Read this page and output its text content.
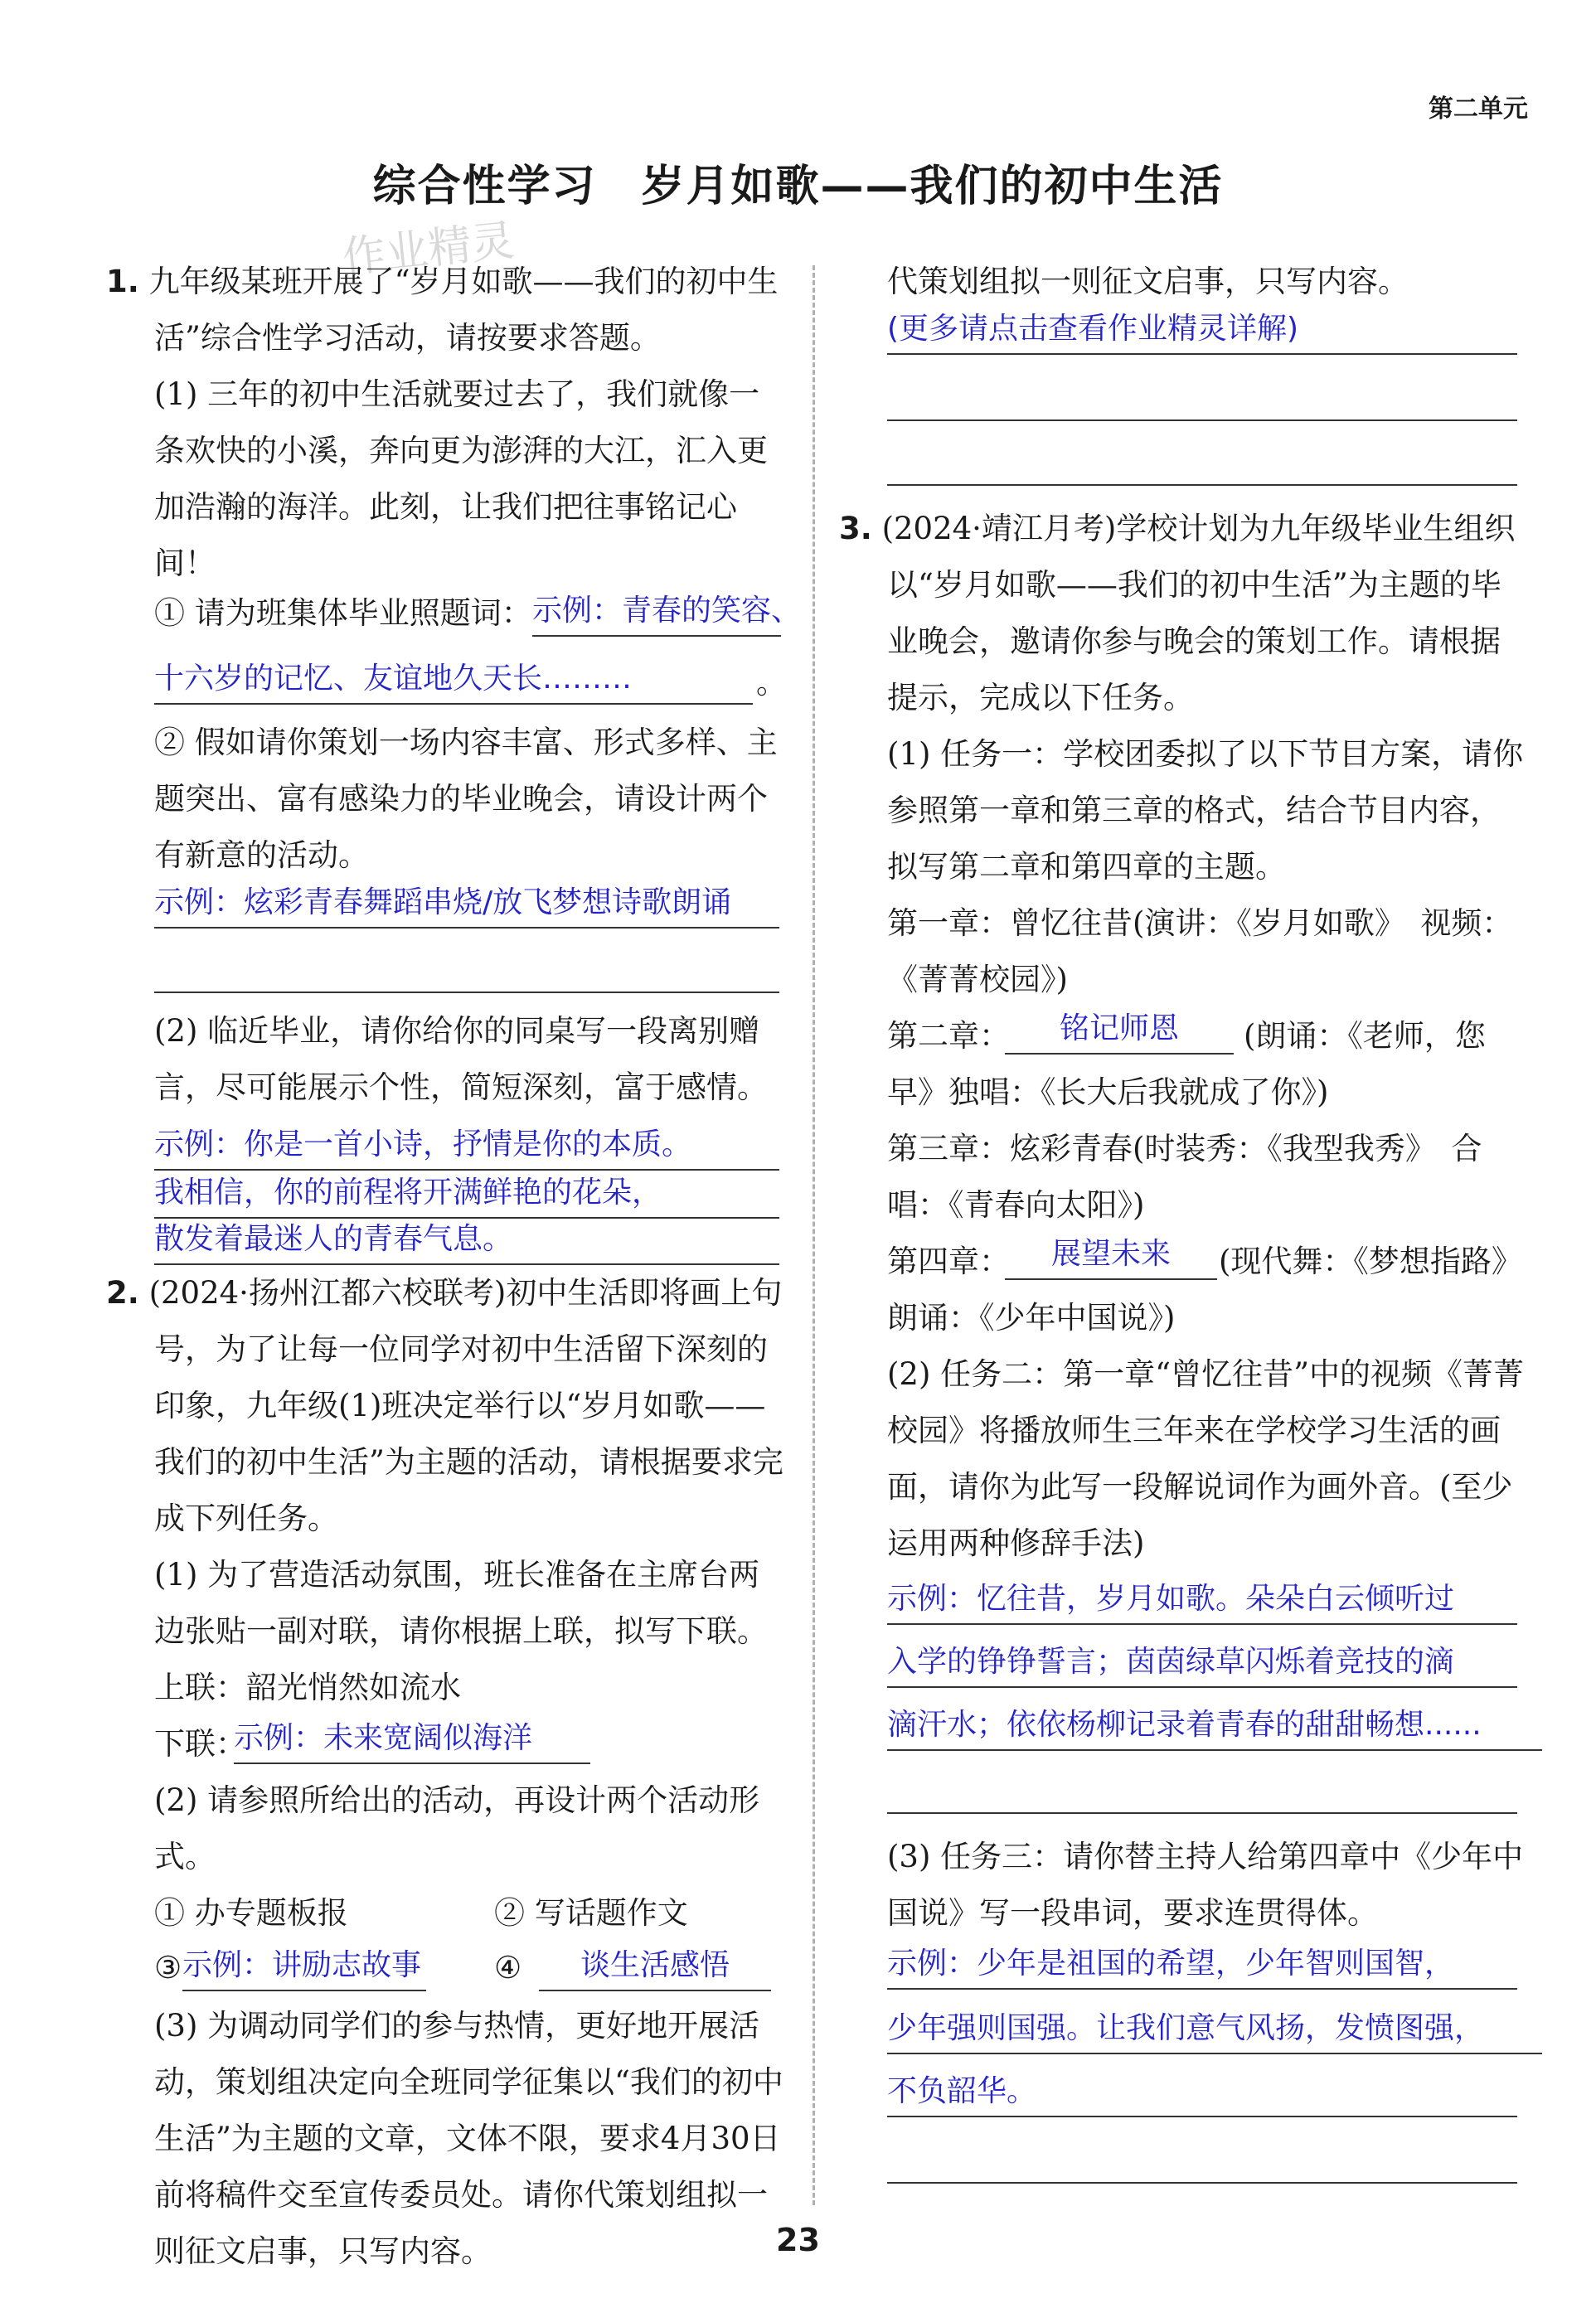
第二单元
综合性学习　岁月如歌——我们的初中生活
作业精灵

1. 九年级某班开展了“岁月如歌——我们的初中生活”综合性学习活动，请按要求答题。

(1) 三年的初中生活就要过去了，我们就像一条欢快的小溪，奔向更为澎湃的大江，汇入更加浩瀚的海洋。此刻，让我们把往事铭记心间！

① 请为班集体毕业照题词： 示例：青春的笑容、
十六岁的记忆、友谊地久天长………	。
② 假如请你策划一场内容丰富、形式多样、主题突出、富有感染力的毕业晚会，请设计两个有新意的活动。
示例：炫彩青春舞蹈串烧/放飞梦想诗歌朗诵
(2) 临近毕业，请你给你的同桌写一段离别赠言，尽可能展示个性，简短深刻，富于感情。
示例：你是一首小诗，抒情是你的本质。
我相信，你的前程将开满鲜艳的花朵，
散发着最迷人的青春气息。

2. (2024·扬州江都六校联考)初中生活即将画上句号，为了让每一位同学对初中生活留下深刻的印象，九年级(1)班决定举行以“岁月如歌——我们的初中生活”为主题的活动，请根据要求完成下列任务。

(1) 为了营造活动氛围，班长准备在主席台两边张贴一副对联，请你根据上联，拟写下联。

上联：韶光悄然如流水

下联：
示例：未来宽阔似海洋
(2) 请参照所给出的活动，再设计两个活动形式。
① 办专题板报	② 写话题作文
③ 示例：讲励志故事 ④	谈生活感悟
(3) 为调动同学们的参与热情，更好地开展活动，策划组决定向全班同学征集以“我们的初中生活”为主题的文章，文体不限，要求4月30日前将稿件交至宣传委员处。请你代策划组拟一则征文启事，只写内容。
代策划组拟一则征文启事，只写内容。
(更多请点击查看作业精灵详解)

3. (2024·靖江月考)学校计划为九年级毕业生组织以“岁月如歌——我们的初中生活”为主题的毕业晚会，邀请你参与晚会的策划工作。请根据提示，完成以下任务。

(1) 任务一：学校团委拟了以下节目方案，请你参照第一章和第三章的格式，结合节目内容，拟写第二章和第四章的主题。

第一章：曾忆往昔(演讲：《岁月如歌》　视频：《菁菁校园》)

第二章：	铭记师恩	(朗诵：《老师，您早》独唱：《长大后我就成了你》)
第三章：炫彩青春(时装秀：《我型我秀》　合唱：《青春向太阳》)
第四章：	展望未来	(现代舞：《梦想指路》朗诵：《少年中国说》)
(2) 任务二：第一章“曾忆往昔”中的视频《菁菁校园》将播放师生三年来在学校学习生活的画面，请你为此写一段解说词作为画外音。(至少运用两种修辞手法)
示例：忆往昔，岁月如歌。朵朵白云倾听过
入学的铮铮誓言；茵茵绿草闪烁着竞技的滴
滴汗水；依依杨柳记录着青春的甜甜畅想......
(3) 任务三：请你替主持人给第四章中《少年中国说》写一段串词，要求连贯得体。
示例：少年是祖国的希望，少年智则国智，
少年强则国强。让我们意气风扬，发愤图强，
不负韶华。
23
